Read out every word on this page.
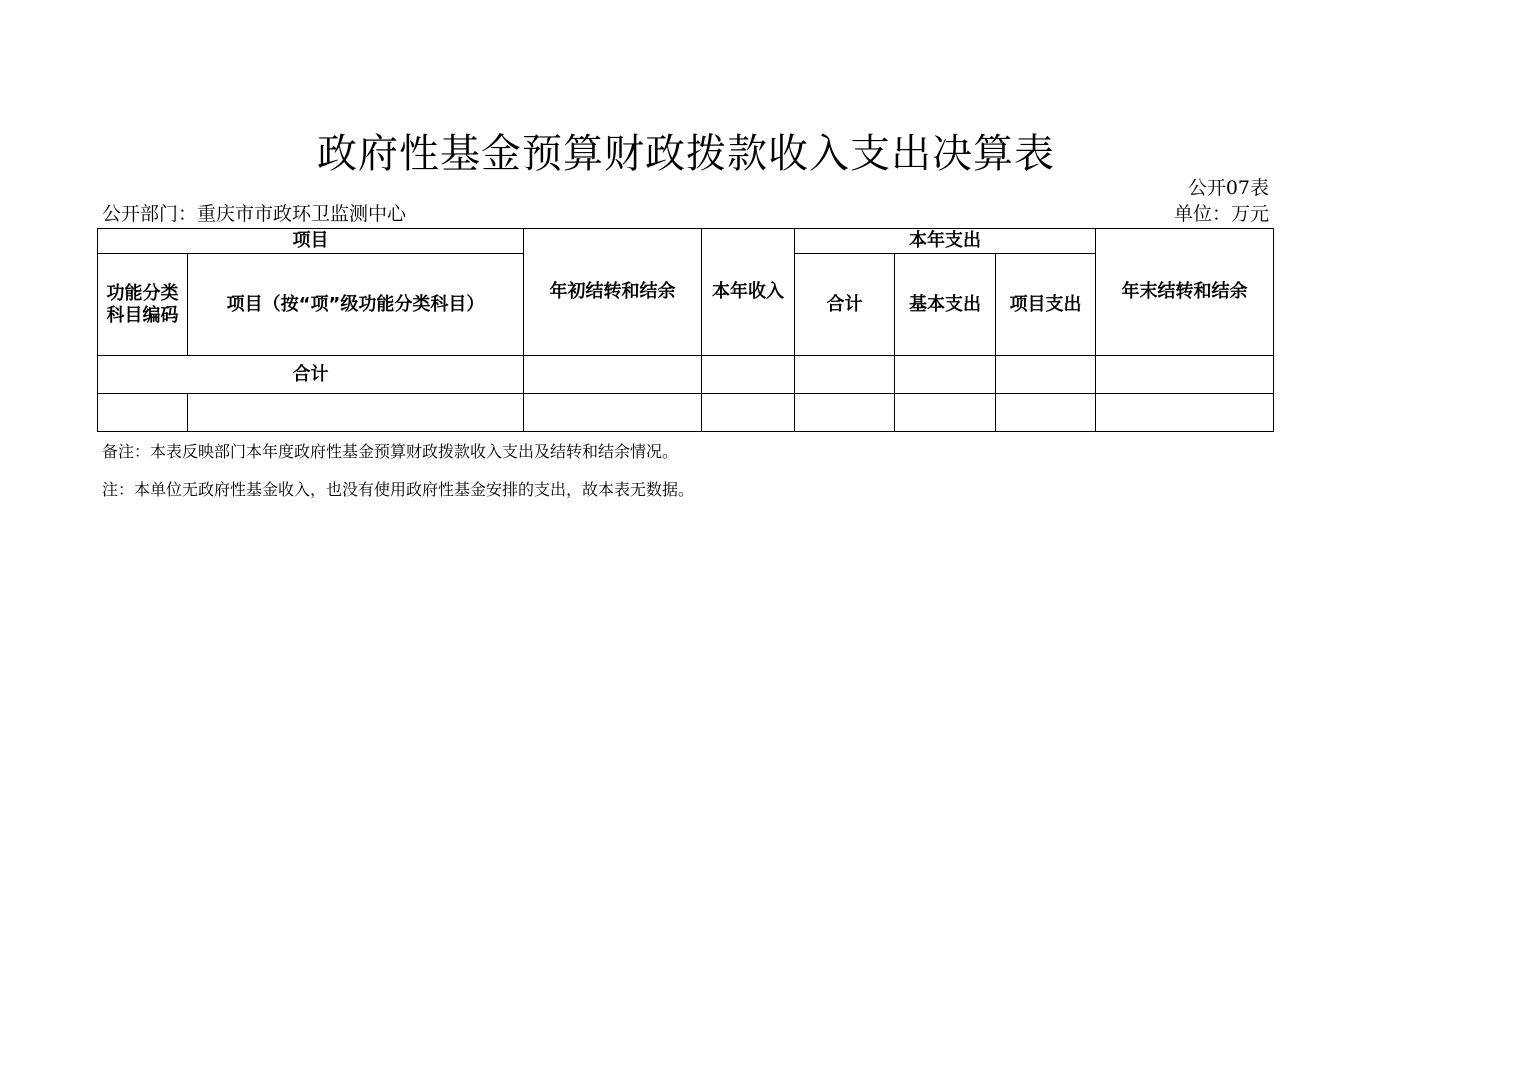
政府性基金预算财政拨款收入支出决算表
公开07表
公开部门：重庆市市政环卫监测中心	单位：万元
项目		年初结转和结余	本年收入	本年支出			年末结转和结余
功能分类科目编码	项目（按“项”级功能分类科目）			合计	基本支出	项目支出	
合计							

备注：本表反映部门本年度政府性基金预算财政拨款收入支出及结转和结余情况。
注：本单位无政府性基金收入，也没有使用政府性基金安排的支出，故本表无数据。
